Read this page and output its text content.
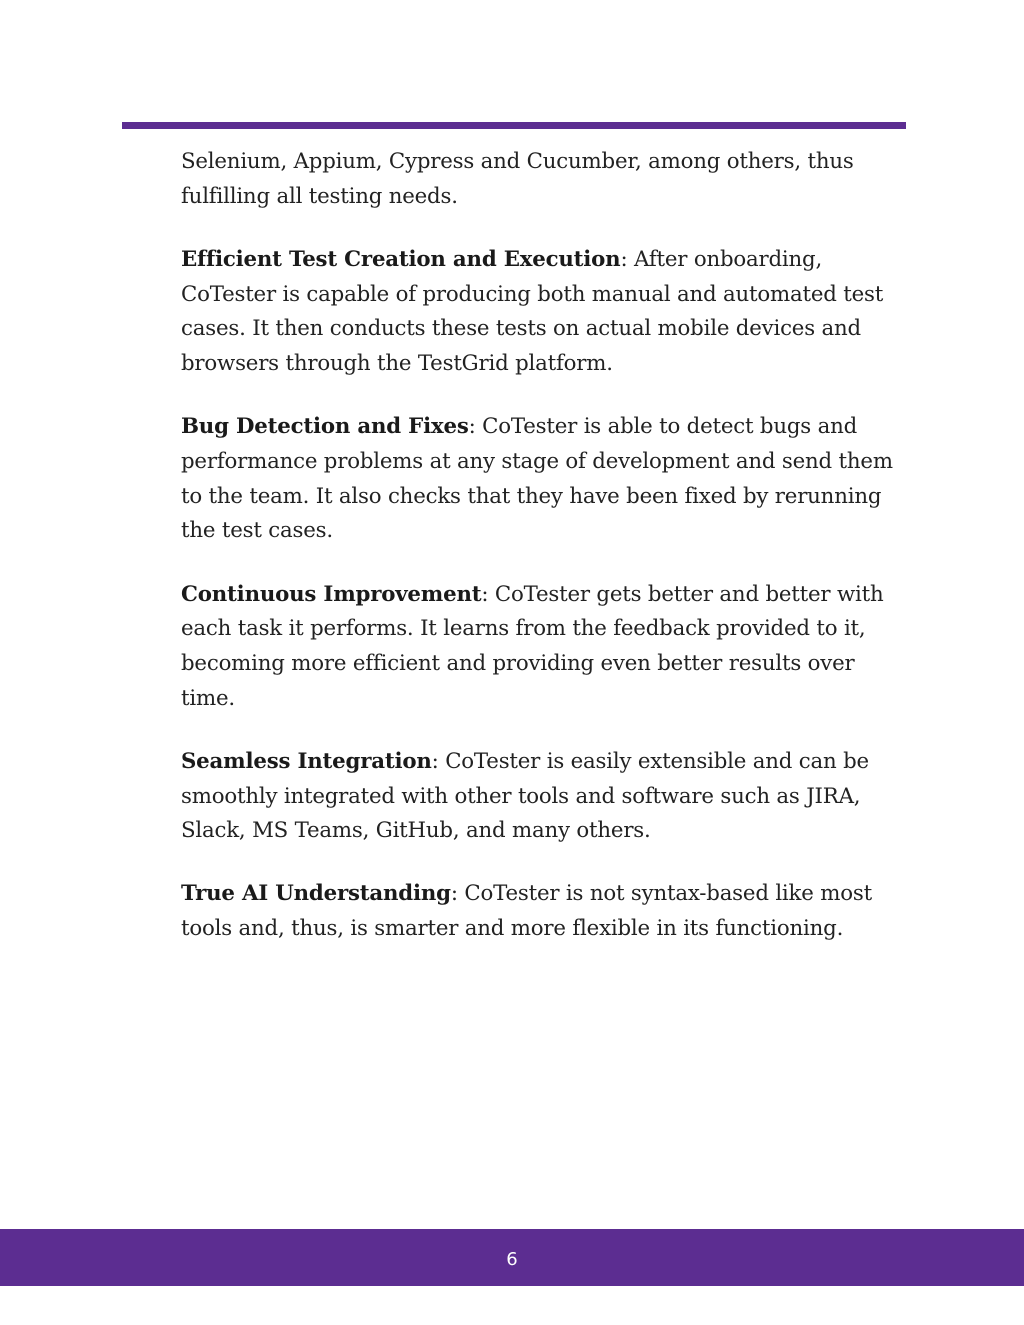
Selenium, Appium, Cypress and Cucumber, among others, thus fulfilling all testing needs.

Efficient Test Creation and Execution: After onboarding, CoTester is capable of producing both manual and automated test cases. It then conducts these tests on actual mobile devices and browsers through the TestGrid platform.

Bug Detection and Fixes: CoTester is able to detect bugs and performance problems at any stage of development and send them to the team. It also checks that they have been fixed by rerunning the test cases.

Continuous Improvement: CoTester gets better and better with each task it performs. It learns from the feedback provided to it, becoming more efficient and providing even better results over time.

Seamless Integration: CoTester is easily extensible and can be smoothly integrated with other tools and software such as JIRA, Slack, MS Teams, GitHub, and many others.

True AI Understanding: CoTester is not syntax-based like most tools and, thus, is smarter and more flexible in its functioning.

6
